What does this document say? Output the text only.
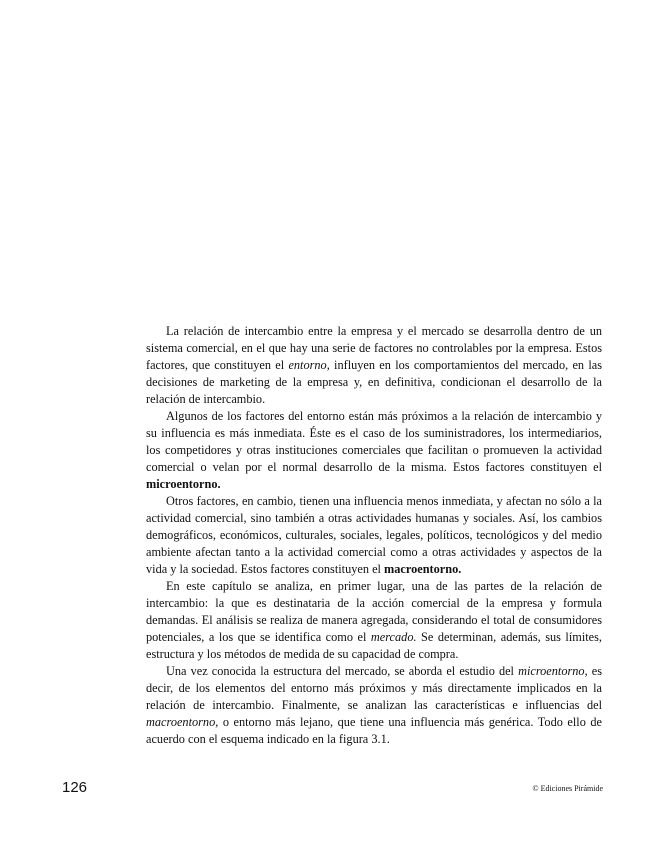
La relación de intercambio entre la empresa y el mercado se desarrolla dentro de un sistema comercial, en el que hay una serie de factores no controlables por la empresa. Estos factores, que constituyen el entorno, influyen en los comportamientos del mercado, en las decisiones de marketing de la empresa y, en definitiva, condicionan el desarrollo de la relación de intercambio.

Algunos de los factores del entorno están más próximos a la relación de intercambio y su influencia es más inmediata. Éste es el caso de los suministradores, los intermediarios, los competidores y otras instituciones comerciales que facilitan o promueven la actividad comercial o velan por el normal desarrollo de la misma. Estos factores constituyen el microentorno.

Otros factores, en cambio, tienen una influencia menos inmediata, y afectan no sólo a la actividad comercial, sino también a otras actividades humanas y sociales. Así, los cambios demográficos, económicos, culturales, sociales, legales, políticos, tecnológicos y del medio ambiente afectan tanto a la actividad comercial como a otras actividades y aspectos de la vida y la sociedad. Estos factores constituyen el macroentorno.

En este capítulo se analiza, en primer lugar, una de las partes de la relación de intercambio: la que es destinataria de la acción comercial de la empresa y formula demandas. El análisis se realiza de manera agregada, considerando el total de consumidores potenciales, a los que se identifica como el mercado. Se determinan, además, sus límites, estructura y los métodos de medida de su capacidad de compra.

Una vez conocida la estructura del mercado, se aborda el estudio del microentorno, es decir, de los elementos del entorno más próximos y más directamente implicados en la relación de intercambio. Finalmente, se analizan las características e influencias del macroentorno, o entorno más lejano, que tiene una influencia más genérica. Todo ello de acuerdo con el esquema indicado en la figura 3.1.

126	© Ediciones Pirámide
